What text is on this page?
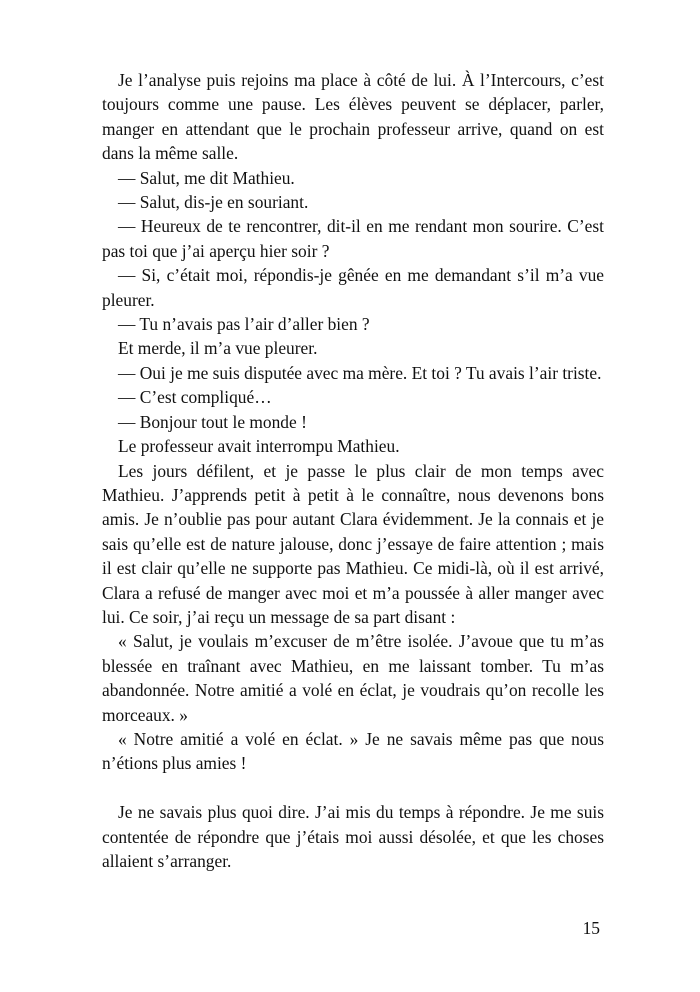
Je l’analyse puis rejoins ma place à côté de lui. À l’Intercours, c’est toujours comme une pause. Les élèves peuvent se déplacer, parler, manger en attendant que le prochain professeur arrive, quand on est dans la même salle.

— Salut, me dit Mathieu.

— Salut, dis-je en souriant.

— Heureux de te rencontrer, dit-il en me rendant mon sourire. C’est pas toi que j’ai aperçu hier soir ?

— Si, c’était moi, répondis-je gênée en me demandant s’il m’a vue pleurer.

— Tu n’avais pas l’air d’aller bien ?

Et merde, il m’a vue pleurer.

— Oui je me suis disputée avec ma mère. Et toi ? Tu avais l’air triste.

— C’est compliqué…

— Bonjour tout le monde !

Le professeur avait interrompu Mathieu.

Les jours défilent, et je passe le plus clair de mon temps avec Mathieu. J’apprends petit à petit à le connaître, nous devenons bons amis. Je n’oublie pas pour autant Clara évidemment. Je la connais et je sais qu’elle est de nature jalouse, donc j’essaye de faire attention ; mais il est clair qu’elle ne supporte pas Mathieu. Ce midi-là, où il est arrivé, Clara a refusé de manger avec moi et m’a poussée à aller manger avec lui. Ce soir, j’ai reçu un message de sa part disant :

« Salut, je voulais m’excuser de m’être isolée. J’avoue que tu m’as blessée en traînant avec Mathieu, en me laissant tomber. Tu m’as abandonnée. Notre amitié a volé en éclat, je voudrais qu’on recolle les morceaux. »

« Notre amitié a volé en éclat. » Je ne savais même pas que nous n’étions plus amies !

Je ne savais plus quoi dire. J’ai mis du temps à répondre. Je me suis contentée de répondre que j’étais moi aussi désolée, et que les choses allaient s’arranger.

15
